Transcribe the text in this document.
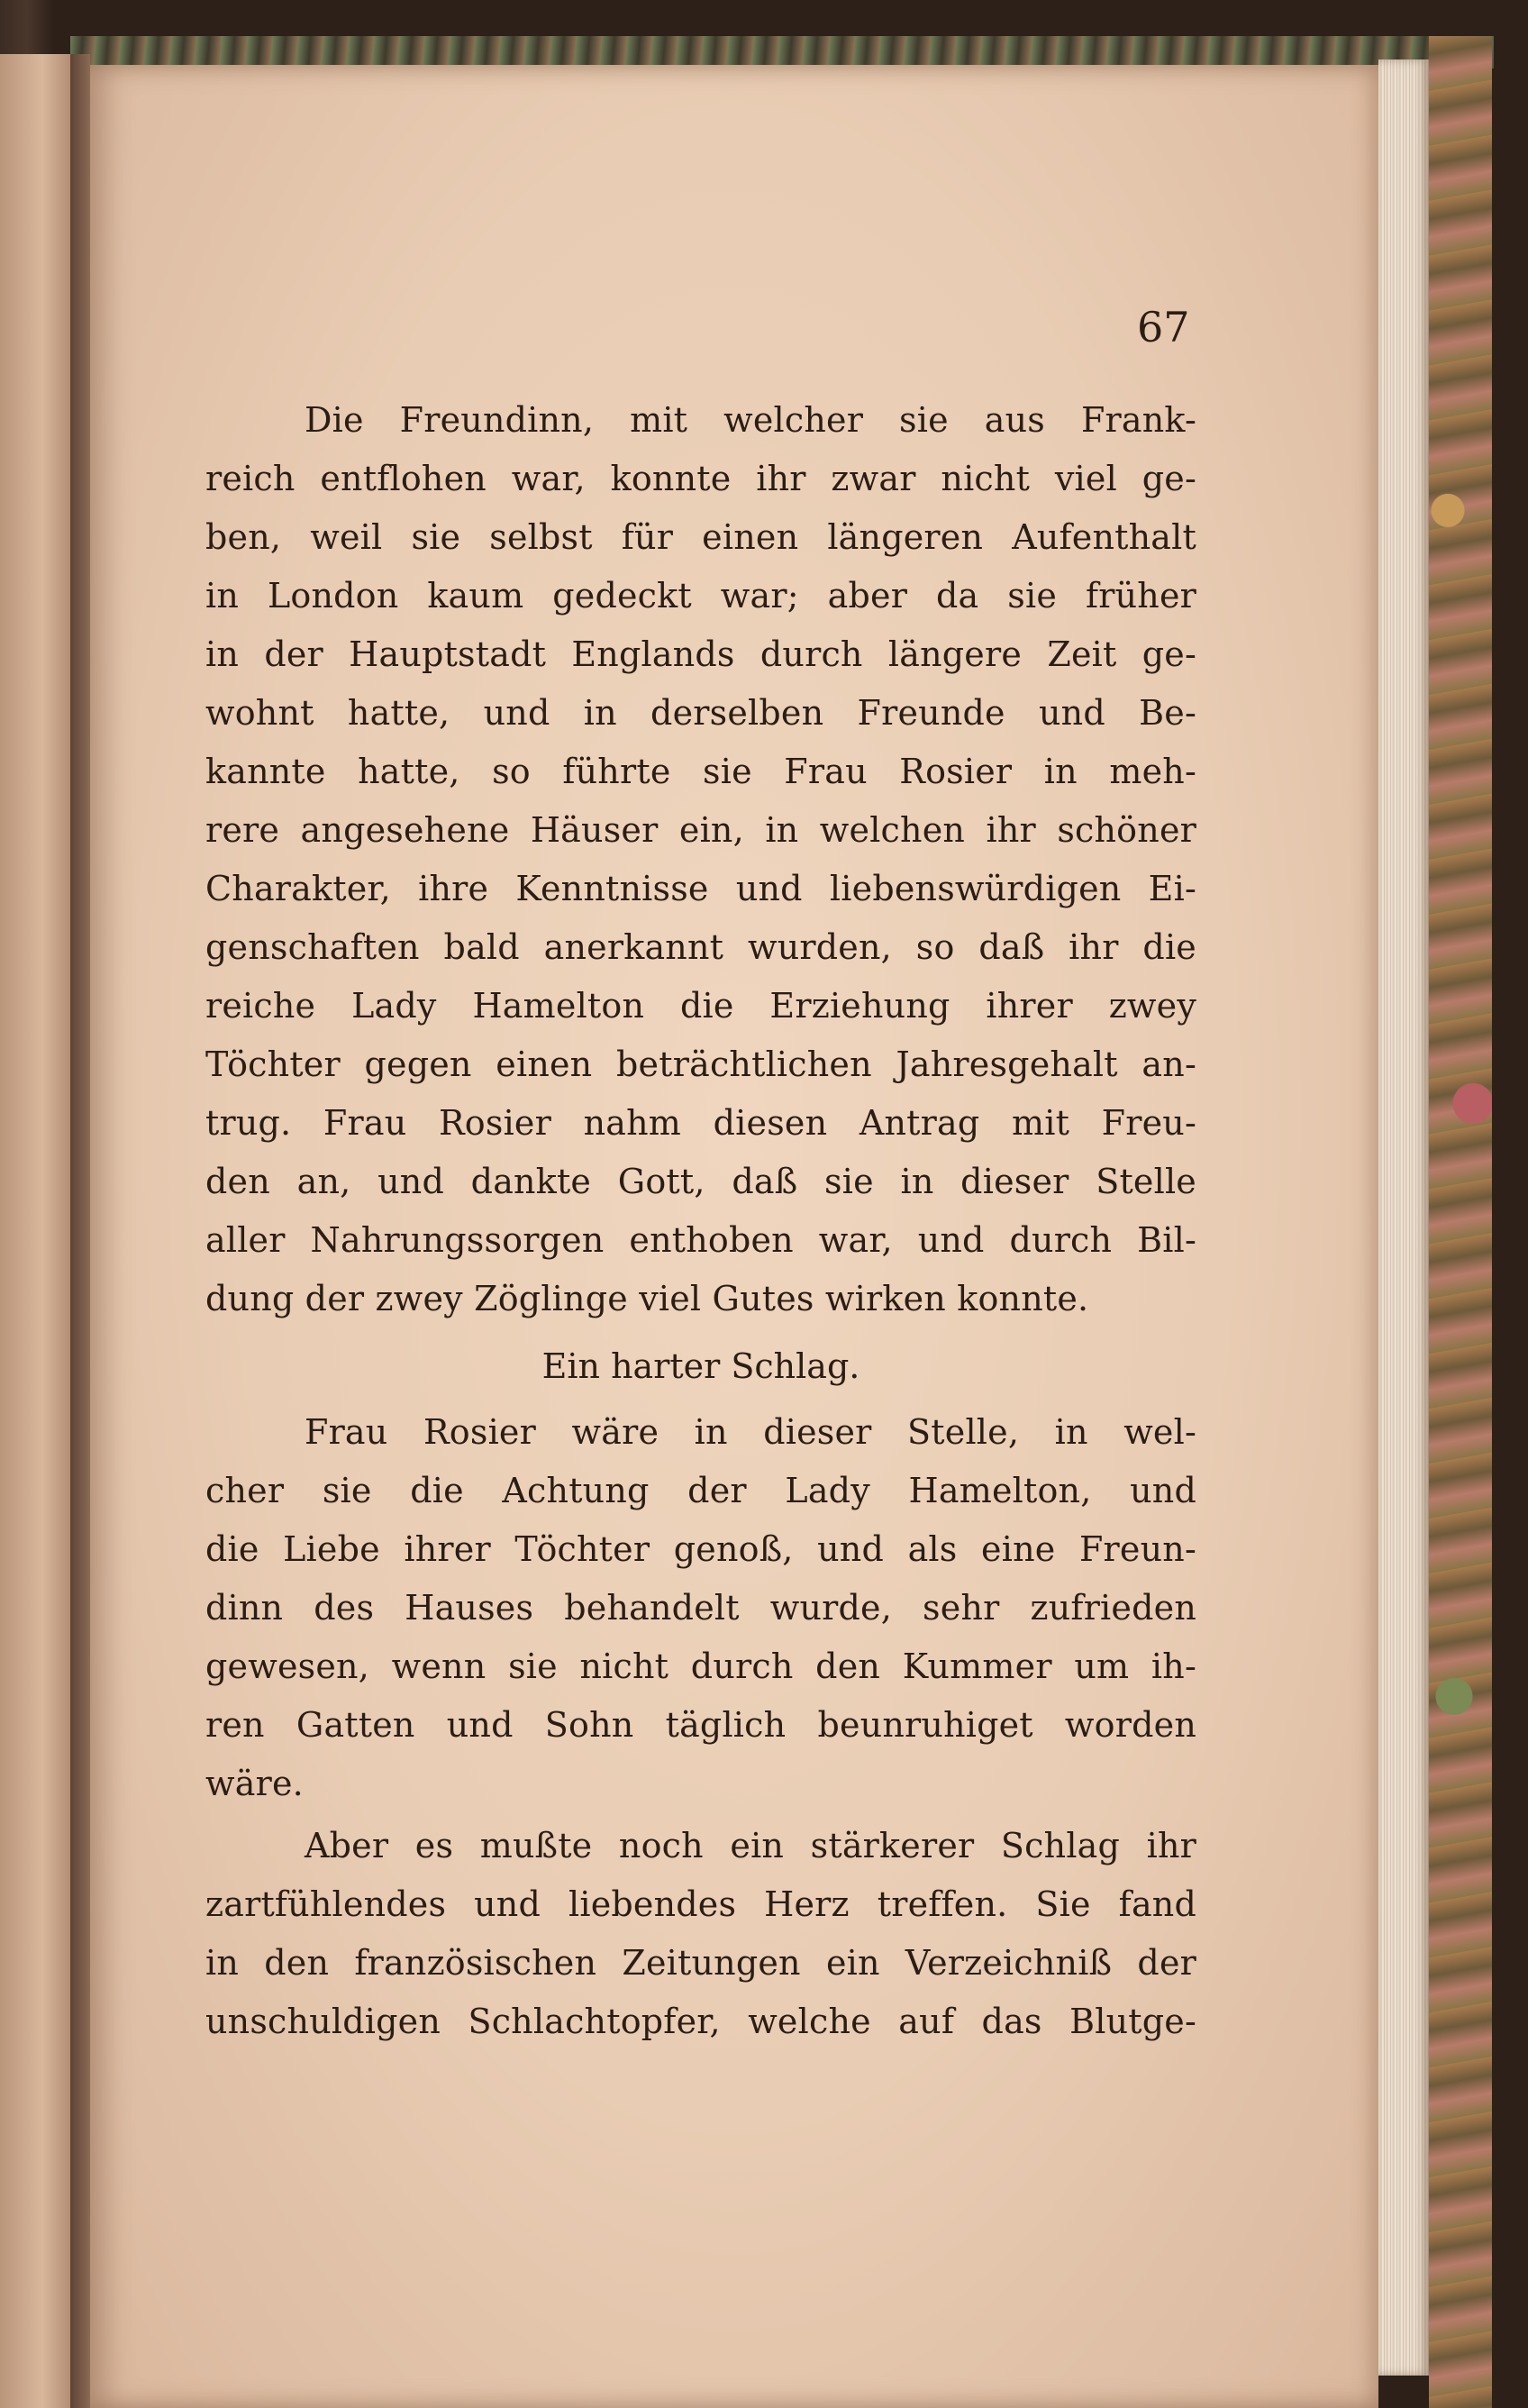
67
Die Freundinn, mit welcher sie aus Frank-
reich entflohen war, konnte ihr zwar nicht viel ge-
ben, weil sie selbst für einen längeren Aufenthalt
in London kaum gedeckt war; aber da sie früher
in der Hauptstadt Englands durch längere Zeit ge-
wohnt hatte, und in derselben Freunde und Be-
kannte hatte, so führte sie Frau Rosier in meh-
rere angesehene Häuser ein, in welchen ihr schöner
Charakter, ihre Kenntnisse und liebenswürdigen Ei-
genschaften bald anerkannt wurden, so daß ihr die
reiche Lady Hamelton die Erziehung ihrer zwey
Töchter gegen einen beträchtlichen Jahresgehalt an-
trug. Frau Rosier nahm diesen Antrag mit Freu-
den an, und dankte Gott, daß sie in dieser Stelle
aller Nahrungssorgen enthoben war, und durch Bil-
dung der zwey Zöglinge viel Gutes wirken konnte.
Ein harter Schlag.
Frau Rosier wäre in dieser Stelle, in wel-
cher sie die Achtung der Lady Hamelton, und
die Liebe ihrer Töchter genoß, und als eine Freun-
dinn des Hauses behandelt wurde, sehr zufrieden
gewesen, wenn sie nicht durch den Kummer um ih-
ren Gatten und Sohn täglich beunruhiget worden
wäre.
Aber es mußte noch ein stärkerer Schlag ihr
zartfühlendes und liebendes Herz treffen. Sie fand
in den französischen Zeitungen ein Verzeichniß der
unschuldigen Schlachtopfer, welche auf das Blutge-
